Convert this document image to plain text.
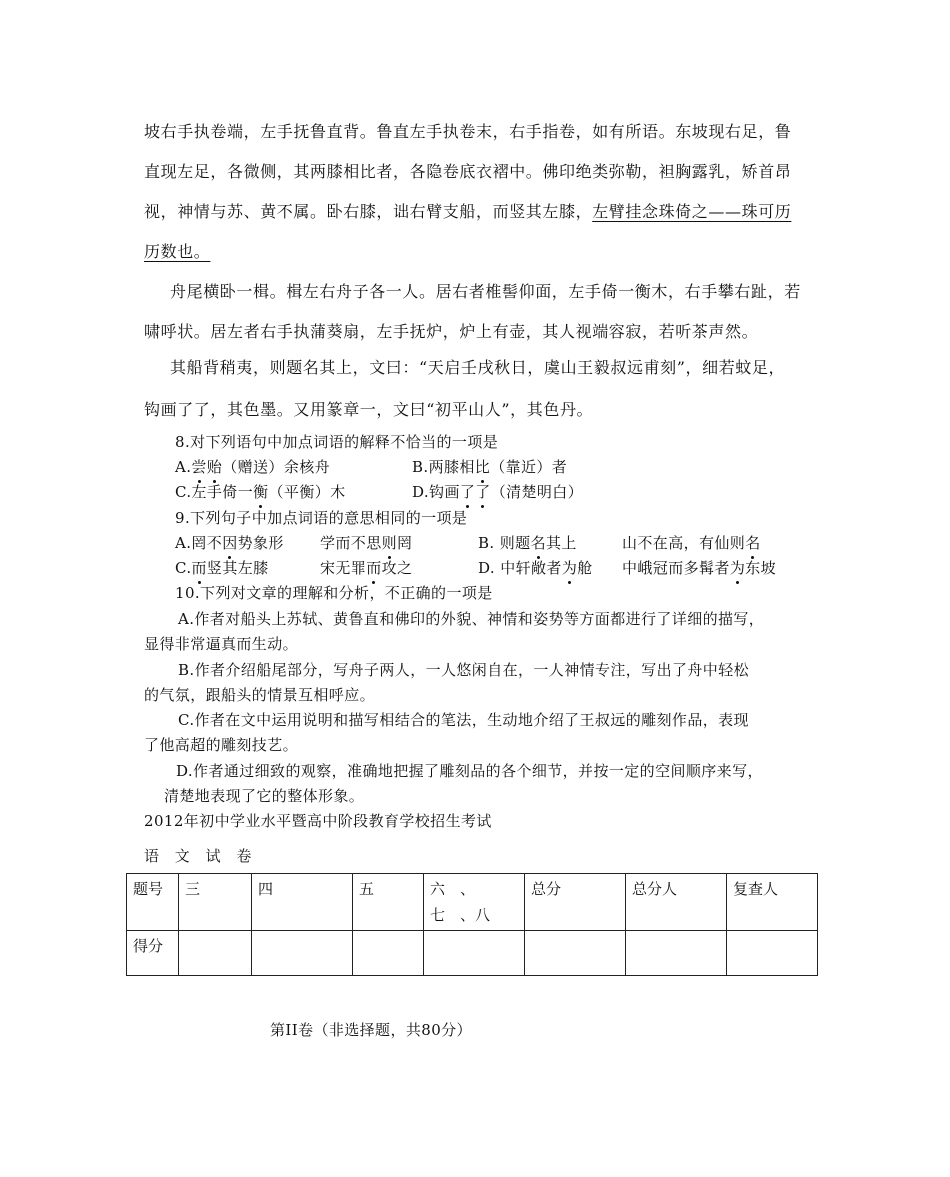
坡右手执卷端，左手抚鲁直背。鲁直左手执卷末，右手指卷，如有所语。东坡现右足，鲁
直现左足，各微侧，其两膝相比者，各隐卷底衣褶中。佛印绝类弥勒，袒胸露乳，矫首昂
视，神情与苏、黄不属。卧右膝，诎右臂支船，而竖其左膝，左臂挂念珠倚之——珠可历
历数也。
舟尾横卧一楫。楫左右舟子各一人。居右者椎髻仰面，左手倚一衡木，右手攀右趾，若
啸呼状。居左者右手执蒲葵扇，左手抚炉，炉上有壶，其人视端容寂，若听茶声然。
其船背稍夷，则题名其上，文曰：“天启壬戌秋日，虞山王毅叔远甫刻”，细若蚊足，
钩画了了，其色墨。又用篆章一，文曰“初平山人”，其色丹。
8.对下列语句中加点词语的解释不恰当的一项是
A.尝贻（赠送）余核舟	B.两膝相比（靠近）者
C.左手倚一衡（平衡）木	D.钩画了了（清楚明白）
9.下列句子中加点词语的意思相同的一项是
A.罔不因势象形 学而不思则罔	B. 则题名其上	山不在高，有仙则名
C.而竖其左膝	宋无罪而攻之	D. 中轩敞者为舱 中峨冠而多髯者为东坡
10.下列对文章的理解和分析，不正确的一项是
A.作者对船头上苏轼、黄鲁直和佛印的外貌、神情和姿势等方面都进行了详细的描写，
显得非常逼真而生动。
B.作者介绍船尾部分，写舟子两人，一人悠闲自在，一人神情专注，写出了舟中轻松
的气氛，跟船头的情景互相呼应。
C.作者在文中运用说明和描写相结合的笔法，生动地介绍了王叔远的雕刻作品，表现
了他高超的雕刻技艺。
D.作者通过细致的观察，准确地把握了雕刻品的各个细节，并按一定的空间顺序来写，
清楚地表现了它的整体形象。
2012年初中学业水平暨高中阶段教育学校招生考试
语　文　试　卷
题号	三	四	五	六　、　七　、八	总分	总分人	复查人
得分							
第II卷（非选择题，共80分）
